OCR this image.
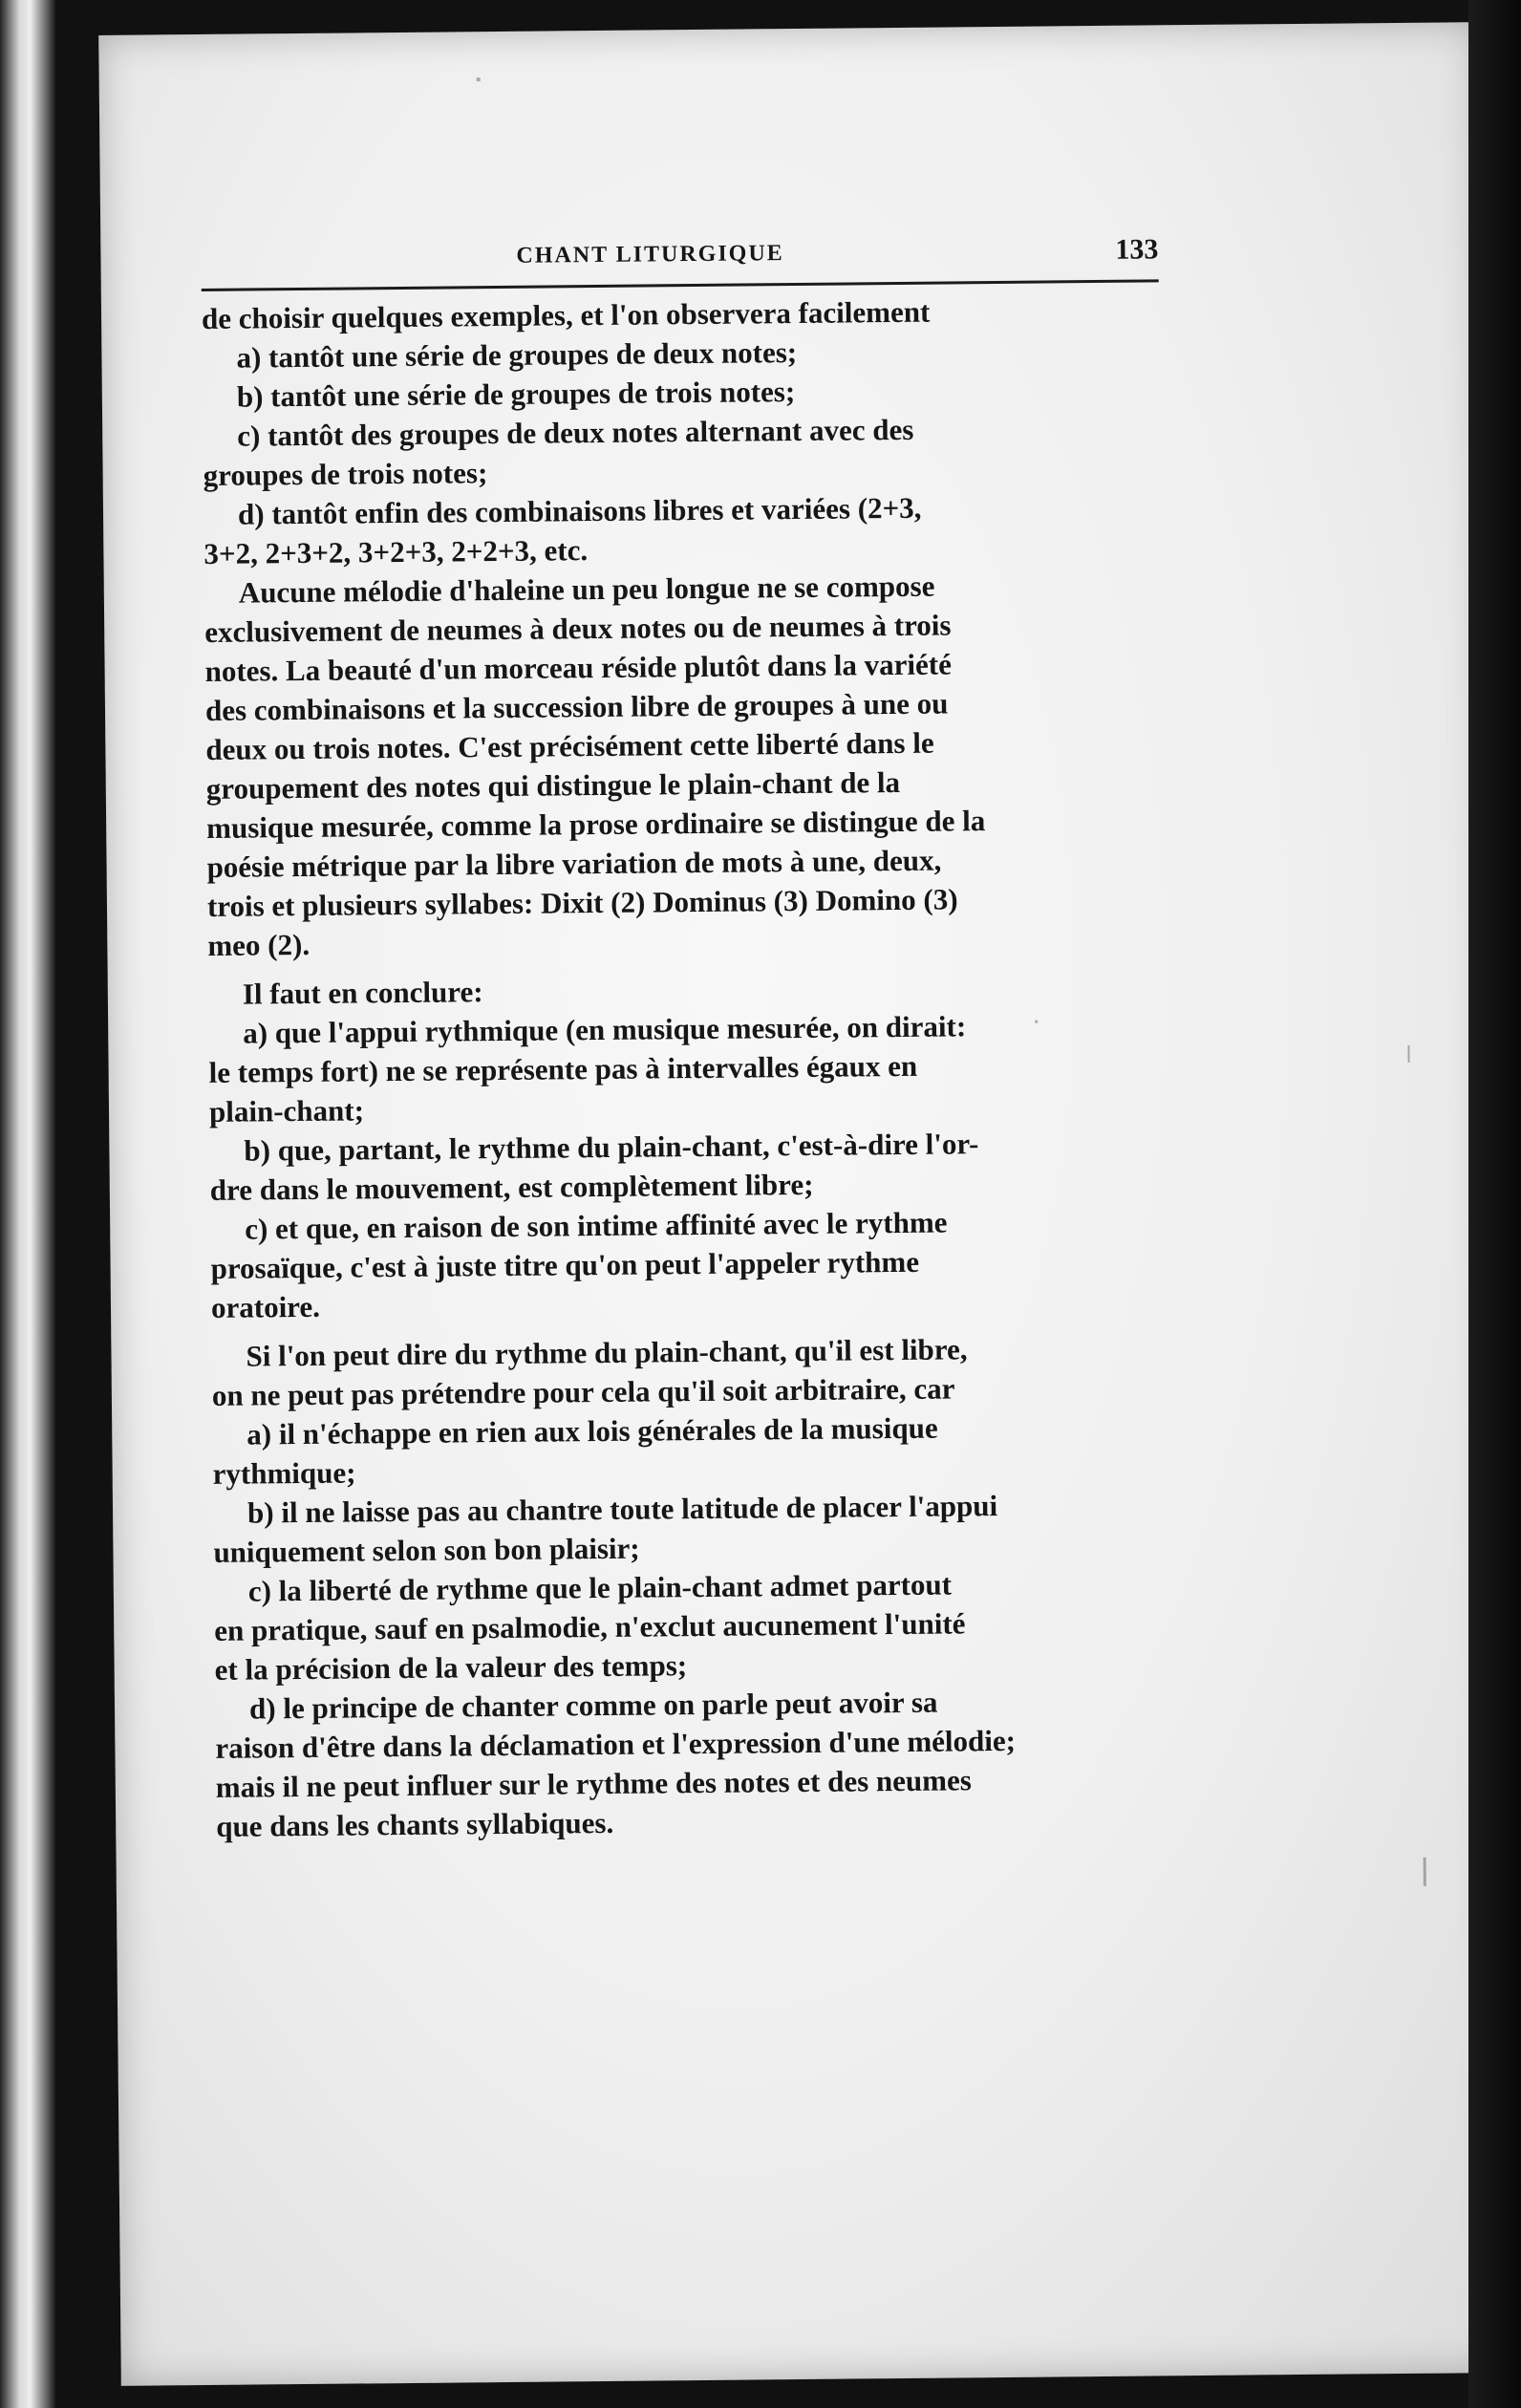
CHANT LITURGIQUE	133
de choisir quelques exemples, et l'on observera facilement
a) tantôt une série de groupes de deux notes;
b) tantôt une série de groupes de trois notes;
c) tantôt des groupes de deux notes alternant avec des
groupes de trois notes;
d) tantôt enfin des combinaisons libres et variées (2+3,
3+2, 2+3+2, 3+2+3, 2+2+3, etc.
Aucune mélodie d'haleine un peu longue ne se compose
exclusivement de neumes à deux notes ou de neumes à trois
notes. La beauté d'un morceau réside plutôt dans la variété
des combinaisons et la succession libre de groupes à une ou
deux ou trois notes. C'est précisément cette liberté dans le
groupement des notes qui distingue le plain-chant de la
musique mesurée, comme la prose ordinaire se distingue de la
poésie métrique par la libre variation de mots à une, deux,
trois et plusieurs syllabes: Dixit (2) Dominus (3) Domino (3)
meo (2).
Il faut en conclure:
a) que l'appui rythmique (en musique mesurée, on dirait:
le temps fort) ne se représente pas à intervalles égaux en
plain-chant;
b) que, partant, le rythme du plain-chant, c'est-à-dire l'or-
dre dans le mouvement, est complètement libre;
c) et que, en raison de son intime affinité avec le rythme
prosaïque, c'est à juste titre qu'on peut l'appeler rythme
oratoire.
Si l'on peut dire du rythme du plain-chant, qu'il est libre,
on ne peut pas prétendre pour cela qu'il soit arbitraire, car
a) il n'échappe en rien aux lois générales de la musique
rythmique;
b) il ne laisse pas au chantre toute latitude de placer l'appui
uniquement selon son bon plaisir;
c) la liberté de rythme que le plain-chant admet partout
en pratique, sauf en psalmodie, n'exclut aucunement l'unité
et la précision de la valeur des temps;
d) le principe de chanter comme on parle peut avoir sa
raison d'être dans la déclamation et l'expression d'une mélodie;
mais il ne peut influer sur le rythme des notes et des neumes
que dans les chants syllabiques.
